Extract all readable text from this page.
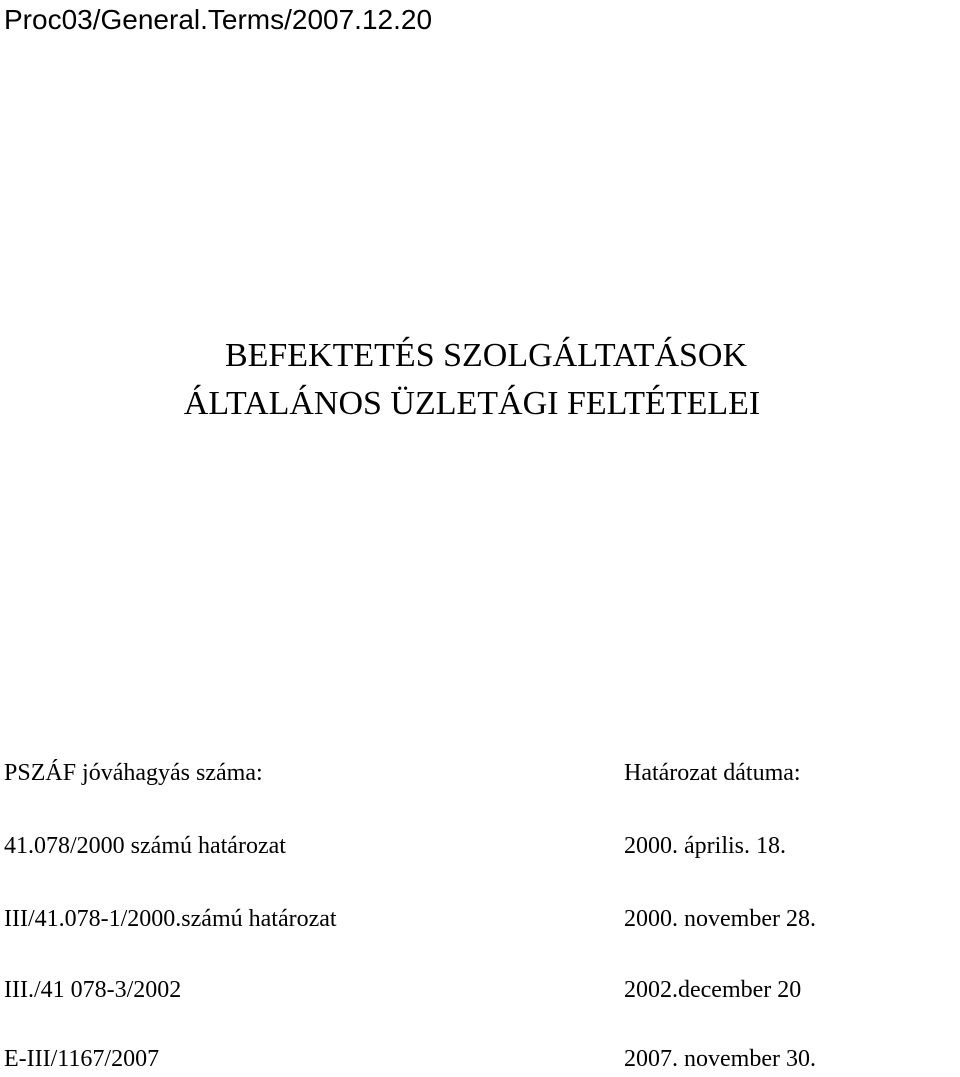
Proc03/General.Terms/2007.12.20
BEFEKTETÉS SZOLGÁLTATÁSOK
ÁLTALÁNOS ÜZLETÁGI FELTÉTELEI
PSZÁF jóváhagyás száma:	Határozat dátuma:
41.078/2000 számú határozat	2000. április. 18.
III/41.078-1/2000.számú határozat	2000. november 28.
III./41 078-3/2002	2002.december 20
E-III/1167/2007	2007. november 30.
